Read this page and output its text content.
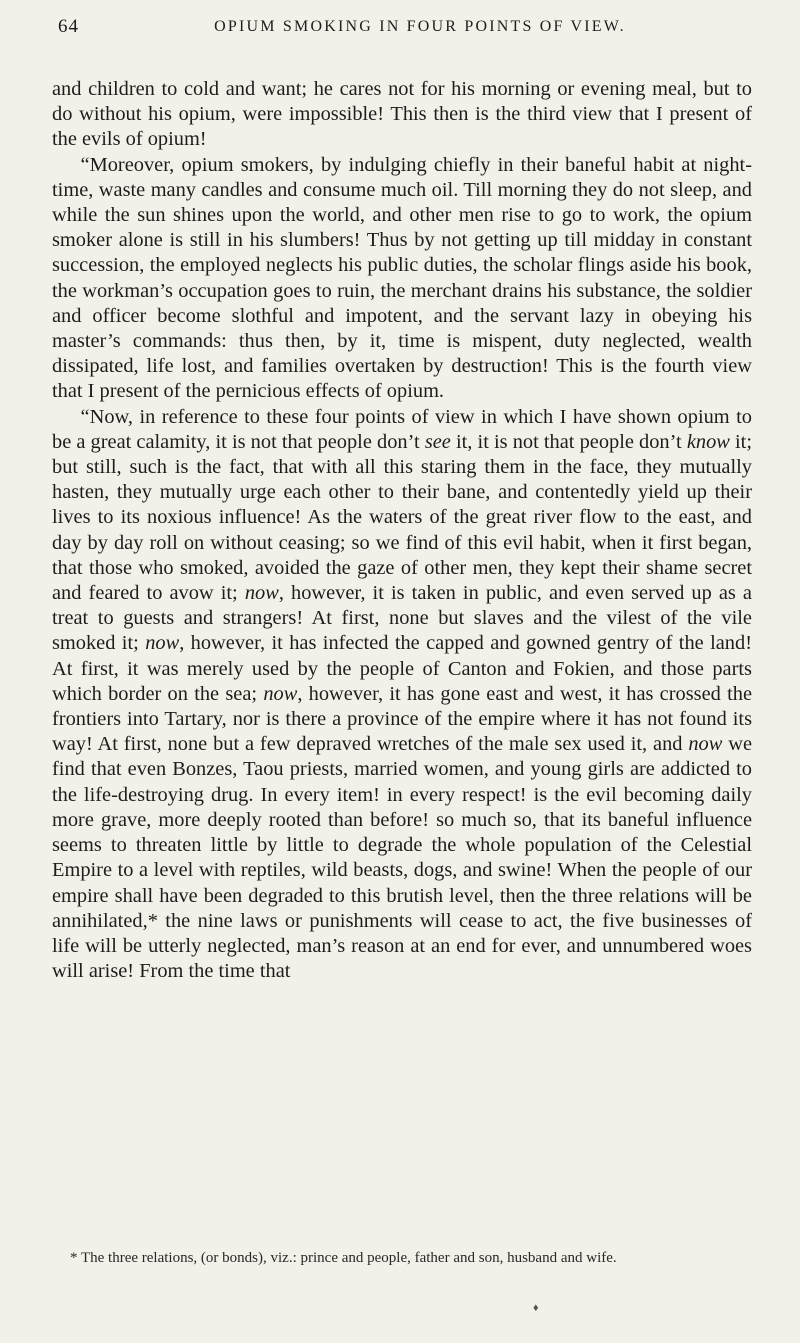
64	OPIUM SMOKING IN FOUR POINTS OF VIEW.

and children to cold and want; he cares not for his morning or evening meal, but to do without his opium, were impossible! This then is the third view that I present of the evils of opium!

“Moreover, opium smokers, by indulging chiefly in their baneful habit at night-time, waste many candles and consume much oil. Till morning they do not sleep, and while the sun shines upon the world, and other men rise to go to work, the opium smoker alone is still in his slumbers! Thus by not getting up till midday in constant succession, the employed neglects his public duties, the scholar flings aside his book, the workman’s occupation goes to ruin, the merchant drains his substance, the soldier and officer become slothful and impotent, and the servant lazy in obeying his master’s commands: thus then, by it, time is mispent, duty neglected, wealth dissipated, life lost, and families overtaken by destruction! This is the fourth view that I present of the pernicious effects of opium.

“Now, in reference to these four points of view in which I have shown opium to be a great calamity, it is not that people don’t see it, it is not that people don’t know it; but still, such is the fact, that with all this staring them in the face, they mutually hasten, they mutually urge each other to their bane, and contentedly yield up their lives to its noxious influence! As the waters of the great river flow to the east, and day by day roll on without ceasing; so we find of this evil habit, when it first began, that those who smoked, avoided the gaze of other men, they kept their shame secret and feared to avow it; now, however, it is taken in public, and even served up as a treat to guests and strangers! At first, none but slaves and the vilest of the vile smoked it; now, however, it has infected the capped and gowned gentry of the land! At first, it was merely used by the people of Canton and Fokien, and those parts which border on the sea; now, however, it has gone east and west, it has crossed the frontiers into Tartary, nor is there a province of the empire where it has not found its way! At first, none but a few depraved wretches of the male sex used it, and now we find that even Bonzes, Taou priests, married women, and young girls are addicted to the life-destroying drug. In every item! in every respect! is the evil becoming daily more grave, more deeply rooted than before! so much so, that its baneful influence seems to threaten little by little to degrade the whole population of the Celestial Empire to a level with reptiles, wild beasts, dogs, and swine! When the people of our empire shall have been degraded to this brutish level, then the three relations will be annihilated,* the nine laws or punishments will cease to act, the five businesses of life will be utterly neglected, man’s reason at an end for ever, and unnumbered woes will arise! From the time that

* The three relations, (or bonds), viz.: prince and people, father and son, husband and wife.
♦
